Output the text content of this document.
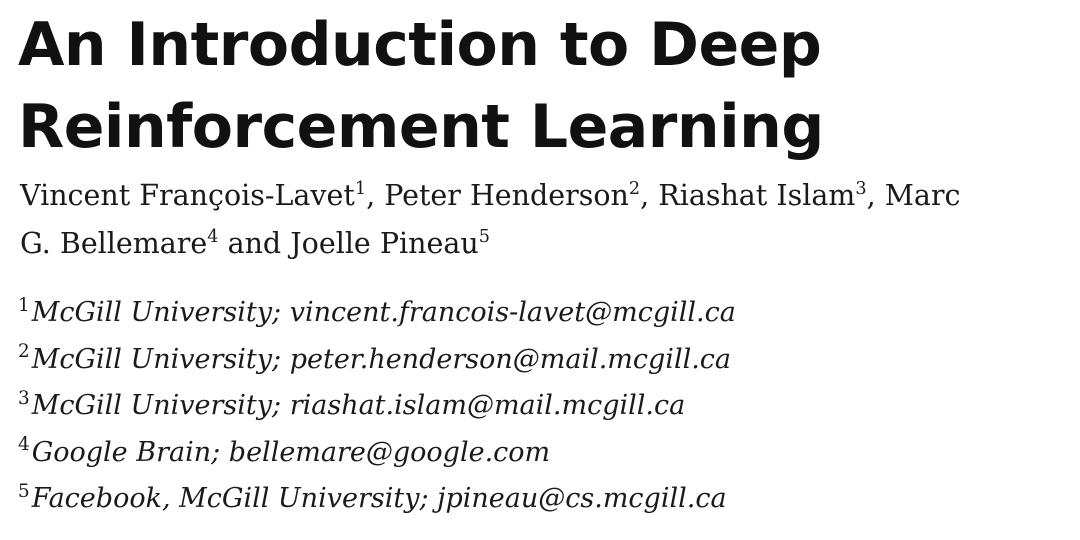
An Introduction to Deep
Reinforcement Learning
Vincent François-Lavet$^1$, Peter Henderson$^2$, Riashat Islam$^3$, Marc
G. Bellemare$^4$ and Joelle Pineau$^5$
$^1$McGill University; vincent.francois-lavet@mcgill.ca
$^2$McGill University; peter.henderson@mail.mcgill.ca
$^3$McGill University; riashat.islam@mail.mcgill.ca
$^4$Google Brain; bellemare@google.com
$^5$Facebook, McGill University; jpineau@cs.mcgill.ca
